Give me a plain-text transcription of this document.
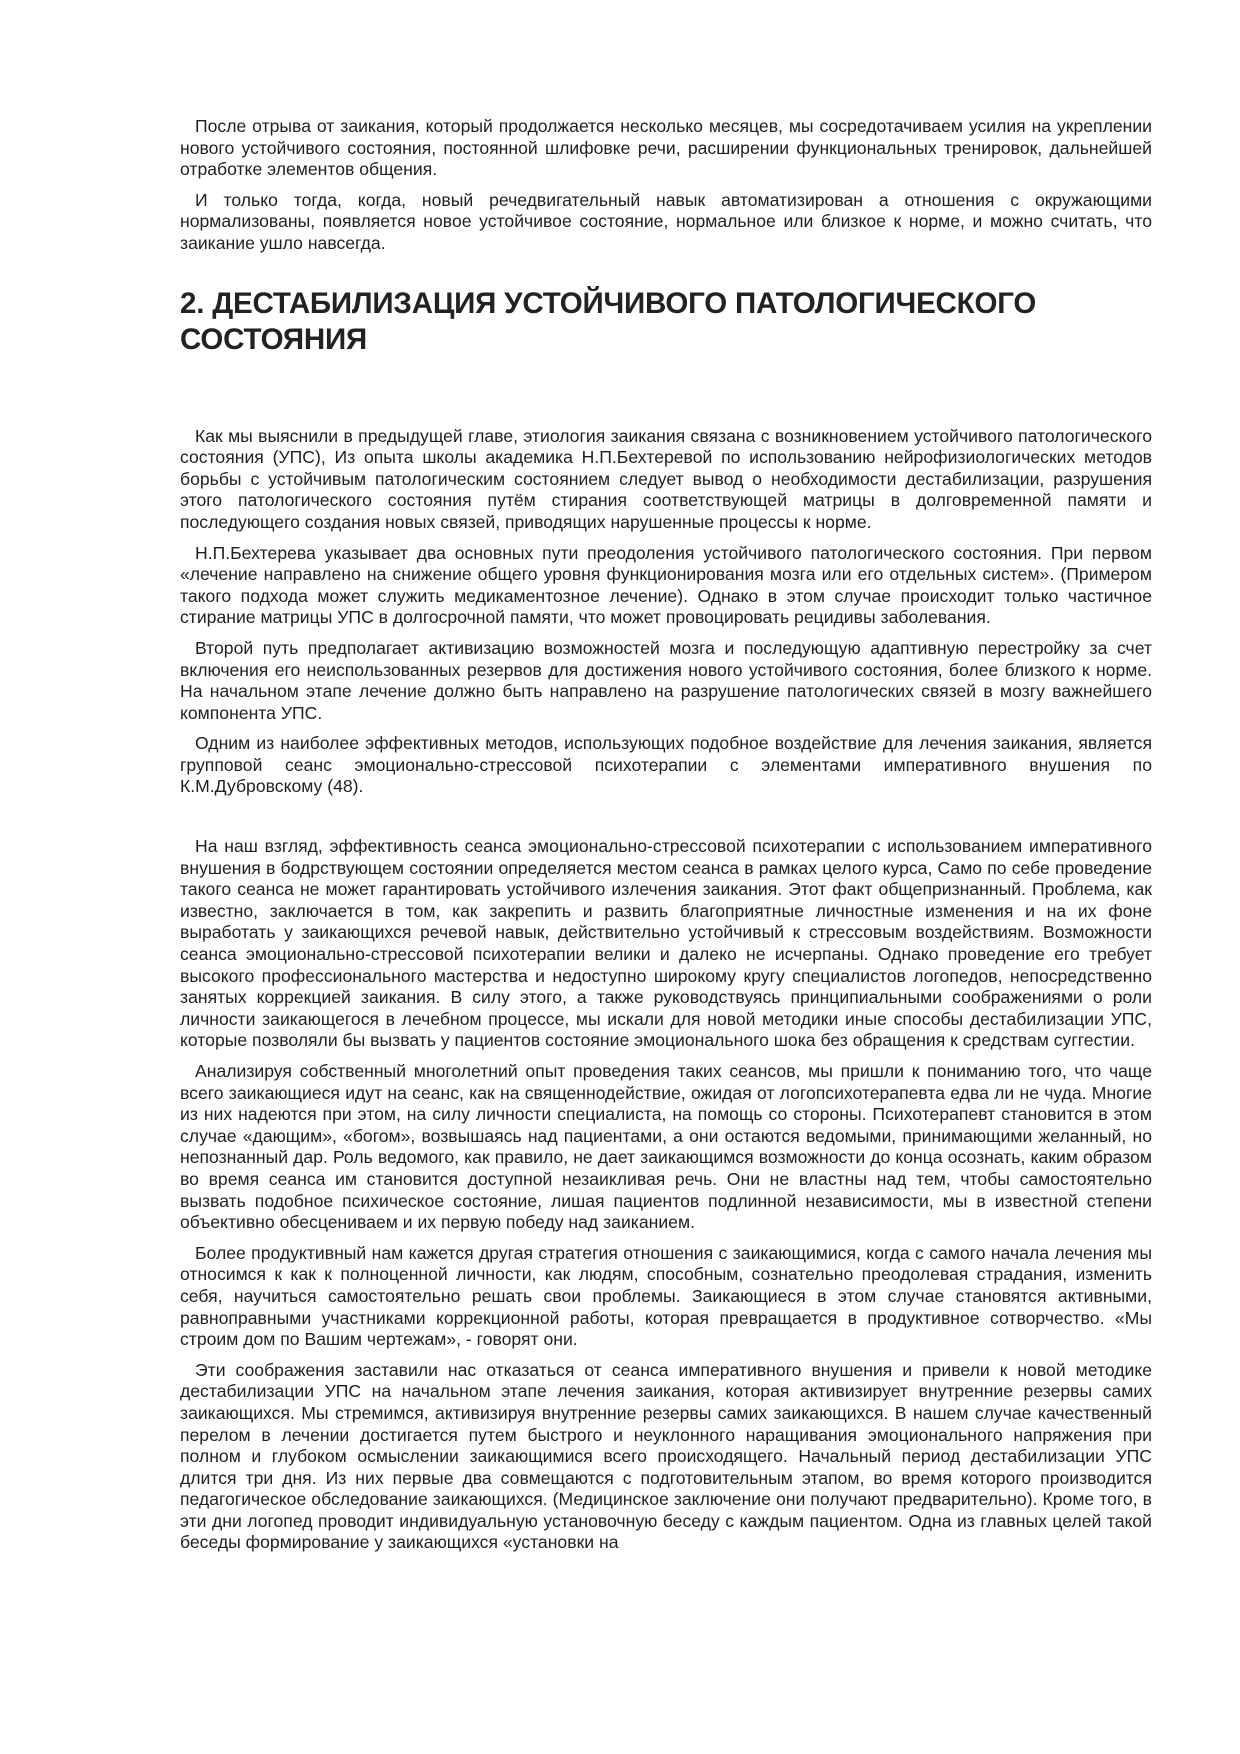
После отрыва от заикания, который продолжается несколько месяцев, мы сосредотачиваем усилия на укреплении нового устойчивого состояния, постоянной шлифовке речи, расширении функциональных тренировок, дальнейшей отработке элементов общения.

И только тогда, когда, новый речедвигательный навык автоматизирован а отношения с окружающими нормализованы, появляется новое устойчивое состояние, нормальное или близкое к норме, и можно считать, что заикание ушло навсегда.

2. ДЕСТАБИЛИЗАЦИЯ УСТОЙЧИВОГО ПАТОЛОГИЧЕСКОГО СОСТОЯНИЯ

Как мы выяснили в предыдущей главе, этиология заикания связана с возникновением устойчивого патологического состояния (УПС), Из опыта школы академика Н.П.Бехтеревой по использованию нейрофизиологических методов борьбы с устойчивым патологическим состоянием следует вывод о необходимости дестабилизации, разрушения этого патологического состояния путём стирания соответствующей матрицы в долговременной памяти и последующего создания новых связей, приводящих нарушенные процессы к норме.

Н.П.Бехтерева указывает два основных пути преодоления устойчивого патологического состояния. При первом «лечение направлено на снижение общего уровня функционирования мозга или его отдельных систем». (Примером такого подхода может служить медикаментозное лечение). Однако в этом случае происходит только частичное стирание матрицы УПС в долгосрочной памяти, что может провоцировать рецидивы заболевания.

Второй путь предполагает активизацию возможностей мозга и последующую адаптивную перестройку за счет включения его неиспользованных резервов для достижения нового устойчивого состояния, более близкого к норме. На начальном этапе лечение должно быть направлено на разрушение патологических связей в мозгу важнейшего компонента УПС.

Одним из наиболее эффективных методов, использующих подобное воздействие для лечения заикания, является групповой сеанс эмоционально-стрессовой психотерапии с элементами императивного внушения по К.М.Дубровскому (48).

На наш взгляд, эффективность сеанса эмоционально-стрессовой психотерапии с использованием императивного внушения в бодрствующем состоянии определяется местом сеанса в рамках целого курса, Само по себе проведение такого сеанса не может гарантировать устойчивого излечения заикания. Этот факт общепризнанный. Проблема, как известно, заключается в том, как закрепить и развить благоприятные личностные изменения и на их фоне выработать у заикающихся речевой навык, действительно устойчивый к стрессовым воздействиям. Возможности сеанса эмоционально-стрессовой психотерапии велики и далеко не исчерпаны. Однако проведение его требует высокого профессионального мастерства и недоступно широкому кругу специалистов логопедов, непосредственно занятых коррекцией заикания. В силу этого, а также руководствуясь принципиальными соображениями о роли личности заикающегося в лечебном процессе, мы искали для новой методики иные способы дестабилизации УПС, которые позволяли бы вызвать у пациентов состояние эмоционального шока без обращения к средствам суггестии.

Анализируя собственный многолетний опыт проведения таких сеансов, мы пришли к пониманию того, что чаще всего заикающиеся идут на сеанс, как на священнодействие, ожидая от логопсихотерапевта едва ли не чуда. Многие из них надеются при этом, на силу личности специалиста, на помощь со стороны. Психотерапевт становится в этом случае «дающим», «богом», возвышаясь над пациентами, а они остаются ведомыми, принимающими желанный, но непознанный дар. Роль ведомого, как правило, не дает заикающимся возможности до конца осознать, каким образом во время сеанса им становится доступной незаикливая речь. Они не властны над тем, чтобы самостоятельно вызвать подобное психическое состояние, лишая пациентов подлинной независимости, мы в известной степени объективно обесцениваем и их первую победу над заиканием.

Более продуктивный нам кажется другая стратегия отношения с заикающимися, когда с самого начала лечения мы относимся к как к полноценной личности, как людям, способным, сознательно преодолевая страдания, изменить себя, научиться самостоятельно решать свои проблемы. Заикающиеся в этом случае становятся активными, равноправными участниками коррекционной работы, которая превращается в продуктивное сотворчество. «Мы строим дом по Вашим чертежам», - говорят они.

Эти соображения заставили нас отказаться от сеанса императивного внушения и привели к новой методике дестабилизации УПС на начальном этапе лечения заикания, которая активизирует внутренние резервы самих заикающихся. Мы стремимся, активизируя внутренние резервы самих заикающихся. В нашем случае качественный перелом в лечении достигается путем быстрого и неуклонного наращивания эмоционального напряжения при полном и глубоком осмыслении заикающимися всего происходящего. Начальный период дестабилизации УПС длится три дня. Из них первые два совмещаются с подготовительным этапом, во время которого производится педагогическое обследование заикающихся. (Медицинское заключение они получают предварительно). Кроме того, в эти дни логопед проводит индивидуальную установочную беседу с каждым пациентом. Одна из главных целей такой беседы формирование у заикающихся «установки на
